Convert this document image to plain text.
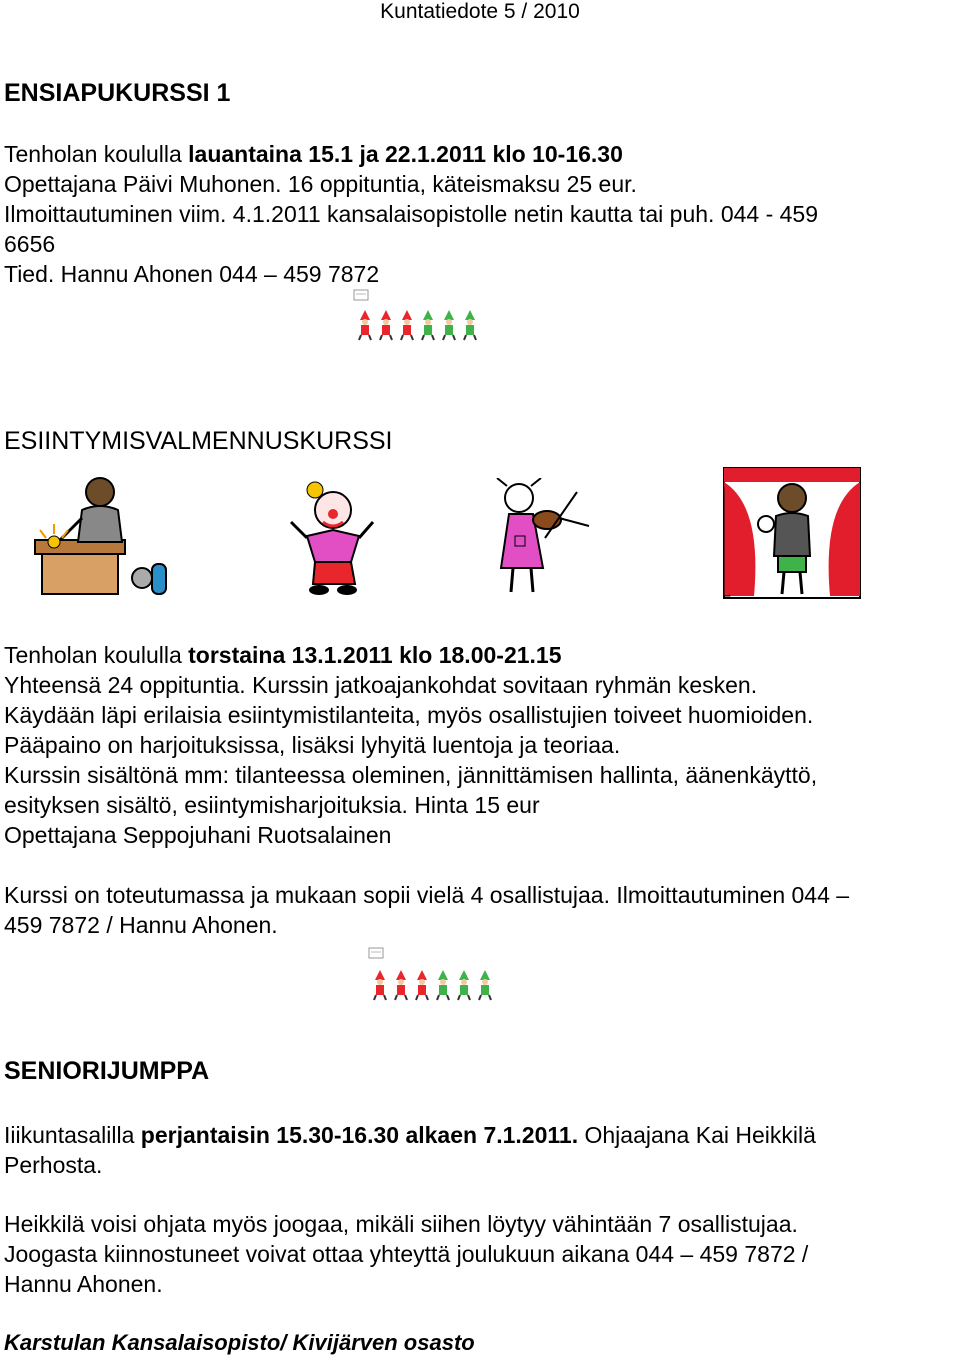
Kuntatiedote 5 / 2010
ENSIAPUKURSSI 1
Tenholan koululla lauantaina 15.1 ja 22.1.2011 klo 10-16.30
Opettajana Päivi Muhonen. 16 oppituntia, käteismaksu 25 eur.
Ilmoittautuminen viim. 4.1.2011 kansalaisopistolle netin kautta tai puh. 044 - 459
6656
Tied. Hannu Ahonen 044 – 459 7872
ESIINTYMISVALMENNUSKURSSI
Tenholan koululla torstaina 13.1.2011 klo 18.00-21.15
Yhteensä 24 oppituntia. Kurssin jatkoajankohdat sovitaan ryhmän kesken.
Käydään läpi erilaisia esiintymistilanteita, myös osallistujien toiveet huomioiden.
Pääpaino on harjoituksissa, lisäksi lyhyitä luentoja ja teoriaa.
Kurssin sisältönä mm: tilanteessa oleminen, jännittämisen hallinta, äänenkäyttö,
esityksen sisältö, esiintymisharjoituksia. Hinta 15 eur
Opettajana Seppojuhani Ruotsalainen
Kurssi on toteutumassa ja mukaan sopii vielä 4 osallistujaa. Ilmoittautuminen 044 –
459 7872 / Hannu Ahonen.
SENIORIJUMPPA
Iiikuntasalilla perjantaisin 15.30-16.30 alkaen 7.1.2011. Ohjaajana Kai Heikkilä
Perhosta.
Heikkilä voisi ohjata myös joogaa, mikäli siihen löytyy vähintään 7 osallistujaa.
Joogasta kiinnostuneet voivat ottaa yhteyttä joulukuun aikana 044 – 459 7872 /
Hannu Ahonen.
Karstulan Kansalaisopisto/ Kivijärven osasto
